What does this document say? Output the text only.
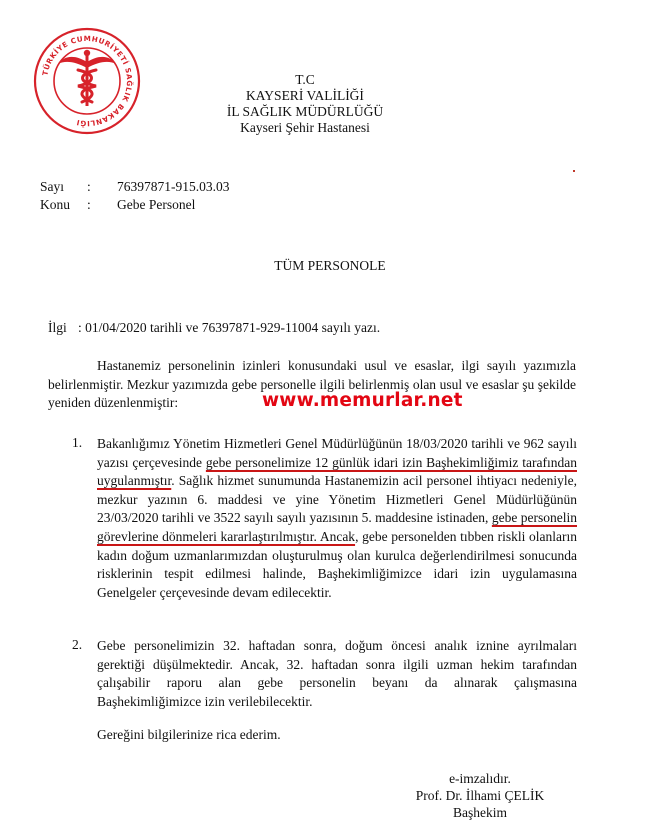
TÜRKİYE CUMHURİYETİ SAĞLIK BAKANLIĞI
T.C
KAYSERİ VALİLİĞİ
İL SAĞLIK MÜDÜRLÜĞÜ
Kayseri Şehir Hastanesi
Sayı : 76397871-915.03.03
Konu : Gebe Personel
TÜM PERSONOLE
İlgi : 01/04/2020 tarihli ve 76397871-929-11004 sayılı yazı.
Hastanemiz personelinin izinleri konusundaki usul ve esaslar, ilgi sayılı yazımızla belirlenmiştir. Mezkur yazımızda gebe personelle ilgili belirlenmiş olan usul ve esaslar şu şekilde yeniden düzenlenmiştir:	www.memurlar.net
1. Bakanlığımız Yönetim Hizmetleri Genel Müdürlüğünün 18/03/2020 tarihli ve 962 sayılı yazısı çerçevesinde gebe personelimize 12 günlük idari izin Başhekimliğimiz tarafından uygulanmıştır. Sağlık hizmet sunumunda Hastanemizin acil personel ihtiyacı nedeniyle, mezkur yazının 6. maddesi ve yine Yönetim Hizmetleri Genel Müdürlüğünün 23/03/2020 tarihli ve 3522 sayılı sayılı yazısının 5. maddesine istinaden, gebe personelin görevlerine dönmeleri kararlaştırılmıştır. Ancak, gebe personelden tıbben riskli olanların kadın doğum uzmanlarımızdan oluşturulmuş olan kurulca değerlendirilmesi sonucunda risklerinin tespit edilmesi halinde, Başhekimliğimizce idari izin uygulamasına Genelgeler çerçevesinde devam edilecektir.
2. Gebe personelimizin 32. haftadan sonra, doğum öncesi analık iznine ayrılmaları gerektiği düşülmektedir. Ancak, 32. haftadan sonra ilgili uzman hekim tarafından çalışabilir raporu alan gebe personelin beyanı da alınarak çalışmasına Başhekimliğimizce izin verilebilecektir.
Gereğini bilgilerinize rica ederim.
e-imzalıdır.
Prof. Dr. İlhami ÇELİK
Başhekim
